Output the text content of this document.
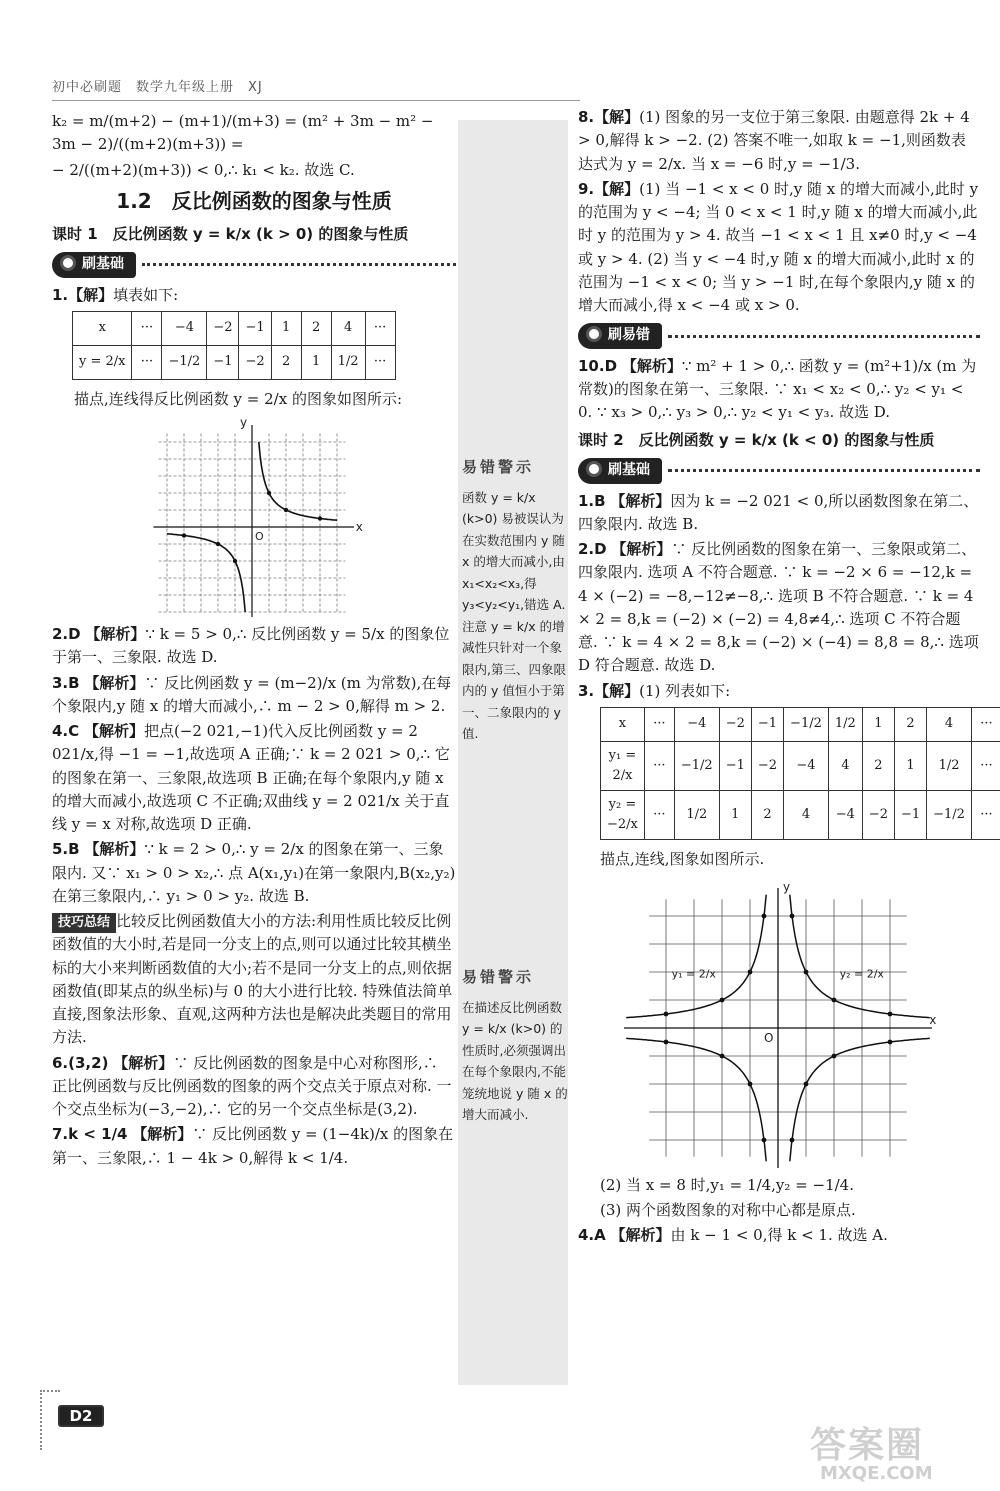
初中必刷题　数学九年级上册　XJ

k₂ = m/(m+2) − (m+1)/(m+3) = (m² + 3m − m² − 3m − 2)/((m+2)(m+3)) =

− 2/((m+2)(m+3)) < 0,∴ k₁ < k₂. 故选 C.

1.2　反比例函数的图象与性质
课时 1　反比例函数 y = k/x (k > 0) 的图象与性质
刷基础

1.【解】填表如下:

x	···	−4	−2	−1	1	2	4	···
y = 2/x	···	−1/2	−1	−2	2	1	1/2	···

描点,连线得反比例函数 y = 2/x 的图象如图所示:

x
y
O

2.D 【解析】∵ k = 5 > 0,∴ 反比例函数 y = 5/x 的图象位于第一、三象限. 故选 D.

3.B 【解析】∵ 反比例函数 y = (m−2)/x (m 为常数),在每个象限内,y 随 x 的增大而减小,∴ m − 2 > 0,解得 m > 2.

4.C 【解析】把点(−2 021,−1)代入反比例函数 y = 2 021/x,得 −1 = −1,故选项 A 正确;∵ k = 2 021 > 0,∴ 它的图象在第一、三象限,故选项 B 正确;在每个象限内,y 随 x 的增大而减小,故选项 C 不正确;双曲线 y = 2 021/x 关于直线 y = x 对称,故选项 D 正确.

5.B 【解析】∵ k = 2 > 0,∴ y = 2/x 的图象在第一、三象限内. 又∵ x₁ > 0 > x₂,∴ 点 A(x₁,y₁)在第一象限内,B(x₂,y₂)在第三象限内,∴ y₁ > 0 > y₂. 故选 B.

技巧总结 比较反比例函数值大小的方法:利用性质比较反比例函数值的大小时,若是同一分支上的点,则可以通过比较其横坐标的大小来判断函数值的大小;若不是同一分支上的点,则依据函数值(即某点的纵坐标)与 0 的大小进行比较. 特殊值法简单直接,图象法形象、直观,这两种方法也是解决此类题目的常用方法.

6.(3,2) 【解析】∵ 反比例函数的图象是中心对称图形,∴ 正比例函数与反比例函数的图象的两个交点关于原点对称. 一个交点坐标为(−3,−2),∴ 它的另一个交点坐标是(3,2).

7.k < 1/4 【解析】∵ 反比例函数 y = (1−4k)/x 的图象在第一、三象限,∴ 1 − 4k > 0,解得 k < 1/4.

易错警示
函数 y = k/x (k>0) 易被误认为在实数范围内 y 随 x 的增大而减小,由 x₁<x₂<x₃,得 y₃<y₂<y₁,错选 A. 注意 y = k/x 的增减性只针对一个象限内,第三、四象限内的 y 值恒小于第一、二象限内的 y 值.
易错警示
在描述反比例函数 y = k/x (k>0) 的性质时,必须强调出在每个象限内,不能笼统地说 y 随 x 的增大而减小.

8.【解】(1) 图象的另一支位于第三象限. 由题意得 2k + 4 > 0,解得 k > −2. (2) 答案不唯一,如取 k = −1,则函数表达式为 y = 2/x. 当 x = −6 时,y = −1/3.

9.【解】(1) 当 −1 < x < 0 时,y 随 x 的增大而减小,此时 y 的范围为 y < −4; 当 0 < x < 1 时,y 随 x 的增大而减小,此时 y 的范围为 y > 4. 故当 −1 < x < 1 且 x≠0 时,y < −4 或 y > 4. (2) 当 y < −4 时,y 随 x 的增大而减小,此时 x 的范围为 −1 < x < 0; 当 y > −1 时,在每个象限内,y 随 x 的增大而减小,得 x < −4 或 x > 0.

刷易错

10.D 【解析】∵ m² + 1 > 0,∴ 函数 y = (m²+1)/x (m 为常数)的图象在第一、三象限. ∵ x₁ < x₂ < 0,∴ y₂ < y₁ < 0. ∵ x₃ > 0,∴ y₃ > 0,∴ y₂ < y₁ < y₃. 故选 D.

课时 2　反比例函数 y = k/x (k < 0) 的图象与性质
刷基础

1.B 【解析】因为 k = −2 021 < 0,所以函数图象在第二、四象限内. 故选 B.

2.D 【解析】∵ 反比例函数的图象在第一、三象限或第二、四象限内. 选项 A 不符合题意. ∵ k = −2 × 6 = −12,k = 4 × (−2) = −8,−12≠−8,∴ 选项 B 不符合题意. ∵ k = 4 × 2 = 8,k = (−2) × (−2) = 4,8≠4,∴ 选项 C 不符合题意. ∵ k = 4 × 2 = 8,k = (−2) × (−4) = 8,8 = 8,∴ 选项 D 符合题意. 故选 D.

3.【解】(1) 列表如下:

x	···	−4	−2	−1	−1/2	1/2	1	2	4	···
y₁ = 2/x	···	−1/2	−1	−2	−4	4	2	1	1/2	···
y₂ = −2/x	···	1/2	1	2	4	−4	−2	−1	−1/2	···

描点,连线,图象如图所示.

x
y
O
y₁ = 2/x	y₂ = 2/x

(2) 当 x = 8 时,y₁ = 1/4,y₂ = −1/4.

(3) 两个函数图象的对称中心都是原点.

4.A 【解析】由 k − 1 < 0,得 k < 1. 故选 A.

D2
答案圈
MXQE.COM
